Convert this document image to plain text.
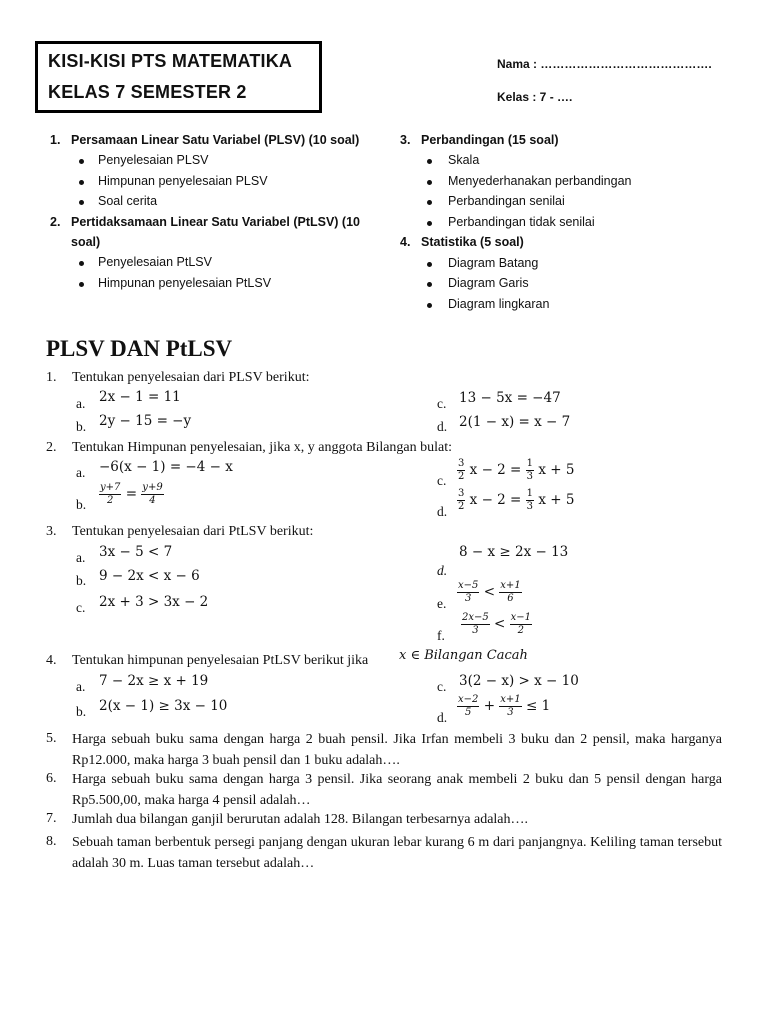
KISI-KISI PTS MATEMATIKA
KELAS 7 SEMESTER 2
Nama : …………………………………….
Kelas : 7 - ….
1. Persamaan Linear Satu Variabel (PLSV) (10 soal)
Penyelesaian PLSV
Himpunan penyelesaian PLSV
Soal cerita
2. Pertidaksamaan Linear Satu Variabel (PtLSV) (10
soal)
Penyelesaian PtLSV
Himpunan penyelesaian PtLSV
3. Perbandingan (15 soal)
Skala
Menyederhanakan perbandingan
Perbandingan senilai
Perbandingan tidak senilai
4. Statistika (5 soal)
Diagram Batang
Diagram Garis
Diagram lingkaran
PLSV DAN PtLSV
1. Tentukan penyelesaian dari PLSV berikut:
a. 2x − 1 = 11
b. 2y − 15 = −y
c. 13 − 5x = −47
d. 2(1 − x) = x − 7
2. Tentukan Himpunan penyelesaian, jika x, y anggota Bilangan bulat:
a. −6(x − 1) = −4 − x
b. $\frac{y+7}{2} = \frac{y+9}{4}$
c. $\frac{3}{2}$ $x - 2 = \frac{1}{3}$ x + 5
d. $\frac{3}{2}$ $x - 2 = \frac{1}{3}$ x + 5
3. Tentukan penyelesaian dari PtLSV berikut:
a. 3x − 5 < 7
b. 9 − 2x < x − 6
c. 2x + 3 > 3x − 2
8 − x ≥ 2x − 13
d.
e. $\frac{x-5}{3} < \frac{x+1}{6}$
f. $\frac{2x-5}{3} < \frac{x-1}{2}$
4. Tentukan himpunan penyelesaian PtLSV berikut jika x ∈ Bilangan Cacah
a. 7 − 2x ≥ x + 19
b. 2(x − 1) ≥ 3x − 10
c. 3(2 − x) > x − 10
d. $\frac{x-2}{5} + \frac{x+1}{3} \le 1$
5. Harga sebuah buku sama dengan harga 2 buah pensil. Jika Irfan membeli 3 buku dan 2 pensil, maka harganya Rp12.000, maka harga 3 buah pensil dan 1 buku adalah….
6. Harga sebuah buku sama dengan harga 3 pensil. Jika seorang anak membeli 2 buku dan 5 pensil dengan harga Rp5.500,00, maka harga 4 pensil adalah…
7. Jumlah dua bilangan ganjil berurutan adalah 128. Bilangan terbesarnya adalah….
8. Sebuah taman berbentuk persegi panjang dengan ukuran lebar kurang 6 m dari panjangnya. Keliling taman tersebut adalah 30 m. Luas taman tersebut adalah…
